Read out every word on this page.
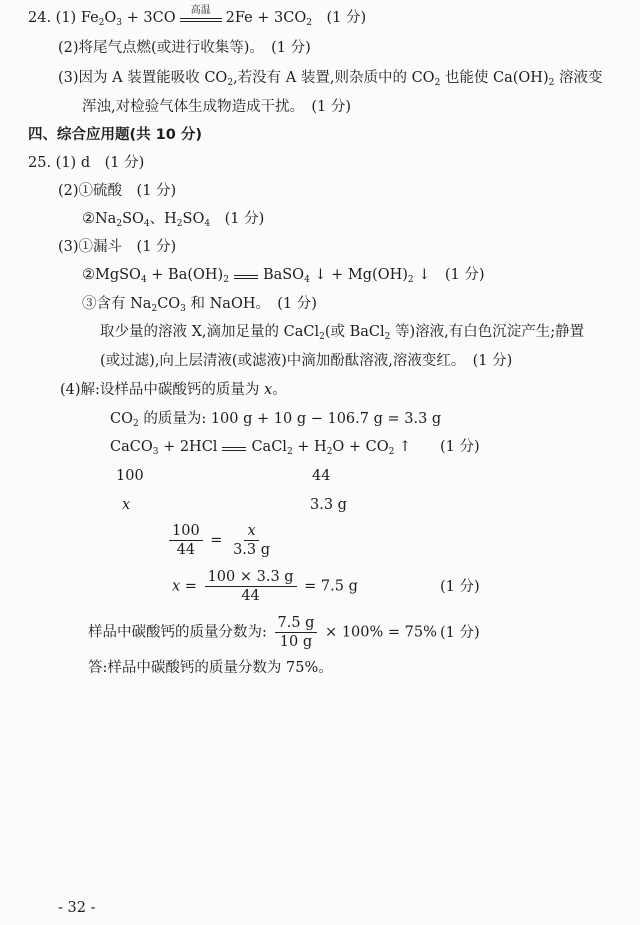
24. (1) $Fe_2O_3 + 3CO$	高温	$2Fe + 3CO_2$　(1 分)
(2)将尾气点燃(或进行收集等)。　(1 分)
(3)因为 A 装置能吸收 $CO_2$,若没有 A 装置,则杂质中的 $CO_2$ 也能使 $Ca(OH)_2$ 溶液变
浑浊,对检验气体生成物造成干扰。　(1 分)
四、综合应用题(共 10 分)
25. (1) d　(1 分)
(2)①硫酸　(1 分)
$②Na_2SO_4$、$H_2SO_4$　(1 分)
(3)①漏斗　(1 分)
②MgSO$_4$ + $Ba(OH)_2$ BaSO$_4$ ↓ + $Mg(OH)_2$ ↓　(1 分)
③含有 $Na_2CO_3$ 和 NaOH。　(1 分)
取少量的溶液 X,滴加足量的 CaCl$_2$(或 BaCl$_2$ 等)溶液,有白色沉淀产生;静置
(或过滤),向上层清液(或滤液)中滴加酚酞溶液,溶液变红。　(1 分)
(4)解:设样品中碳酸钙的质量为 x。
$CO_2$ 的质量为: 100 g + 10 g − 106.7 g = 3.3 g
CaCO$_3$ + 2HCl CaCl$_2$ + $H_2O + CO_2$ ↑ (1 分)
100	44
x	3.3 g
$\frac{100}{44} = \frac{x}{3.3 g}$
$x = \frac{100 \times 3.3 g}{44} = 7.5$ g	(1 分)
样品中碳酸钙的质量分数为: $\frac{7.5 g}{10 g} \times 100\% = 75\%$ (1 分)
答:样品中碳酸钙的质量分数为 75%。
- 32 -
